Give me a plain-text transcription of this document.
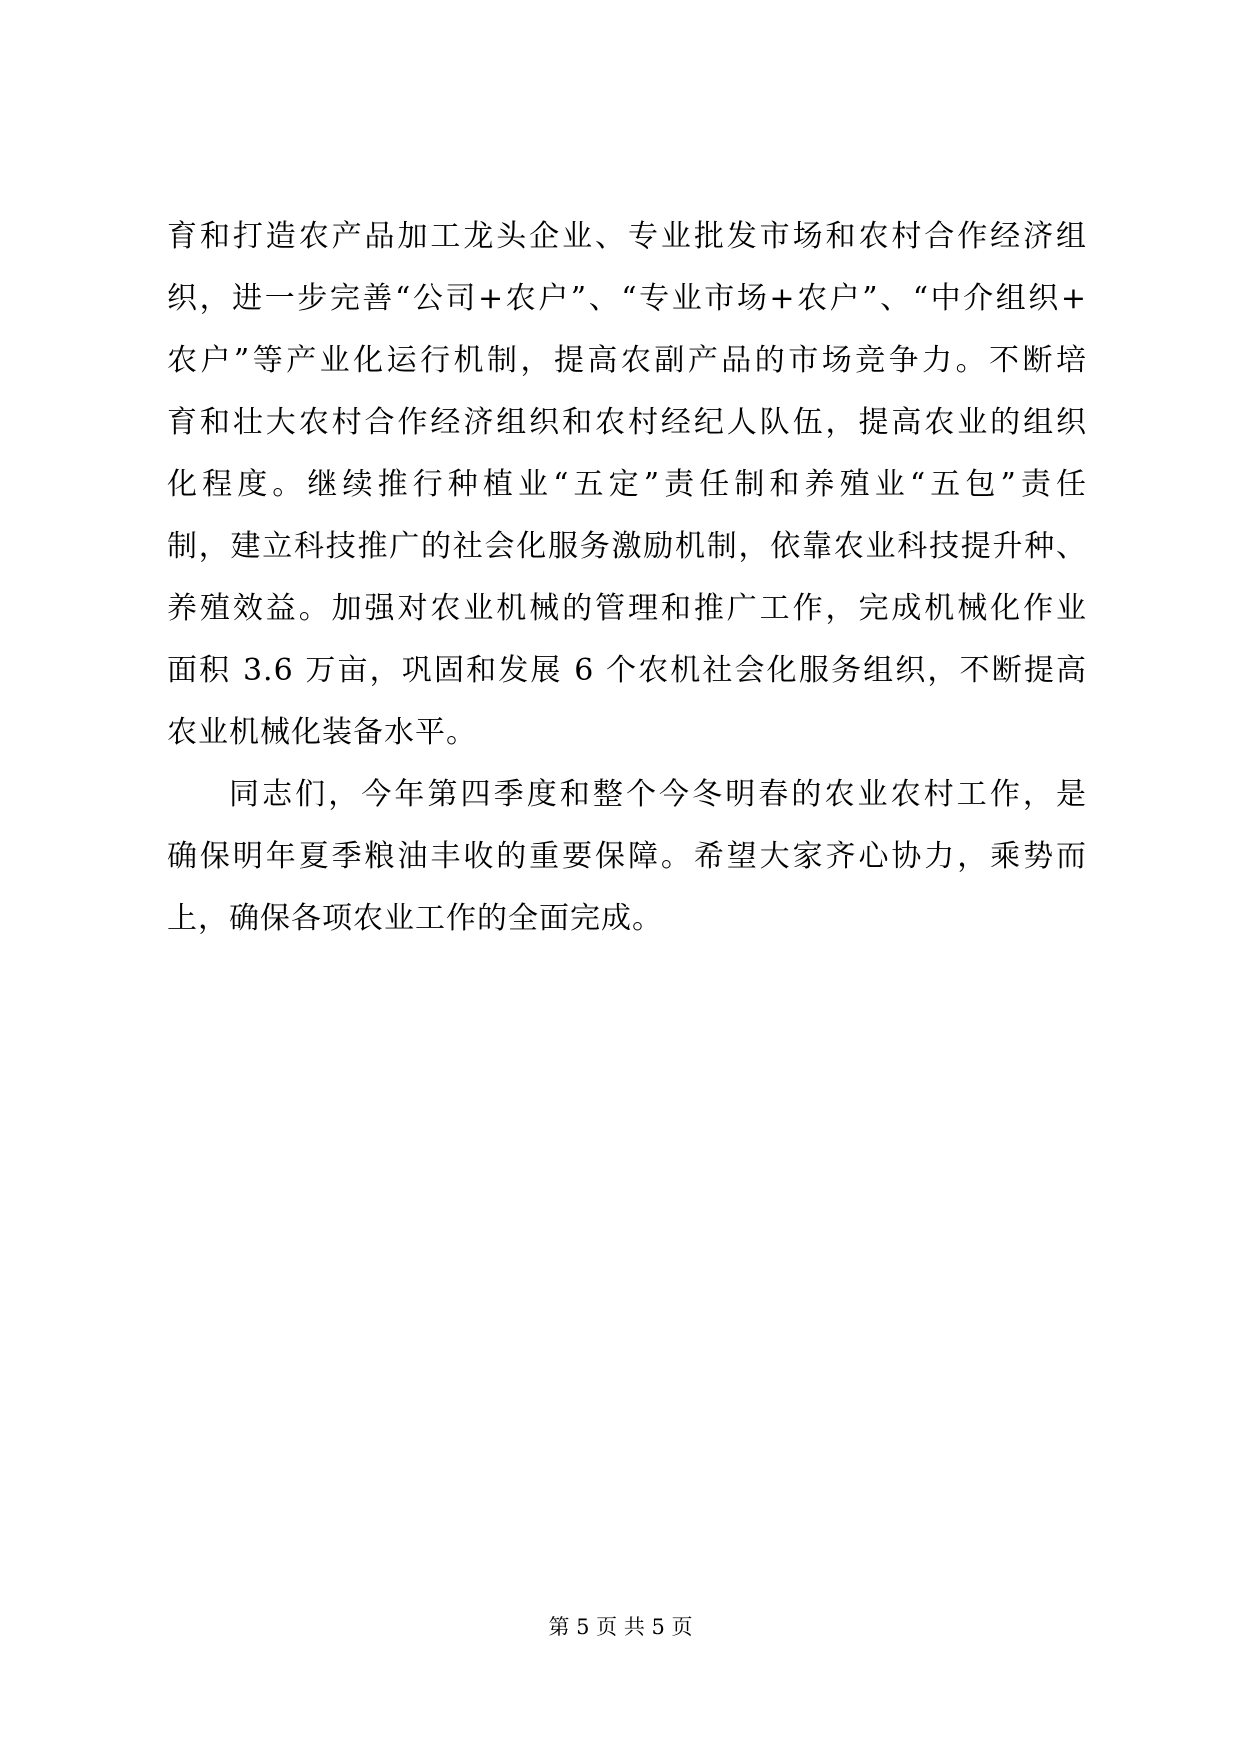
育和打造农产品加工龙头企业、专业批发市场和农村合作经济组
织，进一步完善“公司+农户”、“专业市场+农户”、“中介组织+
农户”等产业化运行机制，提高农副产品的市场竞争力。不断培
育和壮大农村合作经济组织和农村经纪人队伍，提高农业的组织
化程度。继续推行种植业“五定”责任制和养殖业“五包”责任
制，建立科技推广的社会化服务激励机制，依靠农业科技提升种、
养殖效益。加强对农业机械的管理和推广工作，完成机械化作业
面积 3.6 万亩，巩固和发展 6 个农机社会化服务组织，不断提高
农业机械化装备水平。
同志们，今年第四季度和整个今冬明春的农业农村工作，是
确保明年夏季粮油丰收的重要保障。希望大家齐心协力，乘势而
上，确保各项农业工作的全面完成。
第 5 页 共 5 页
